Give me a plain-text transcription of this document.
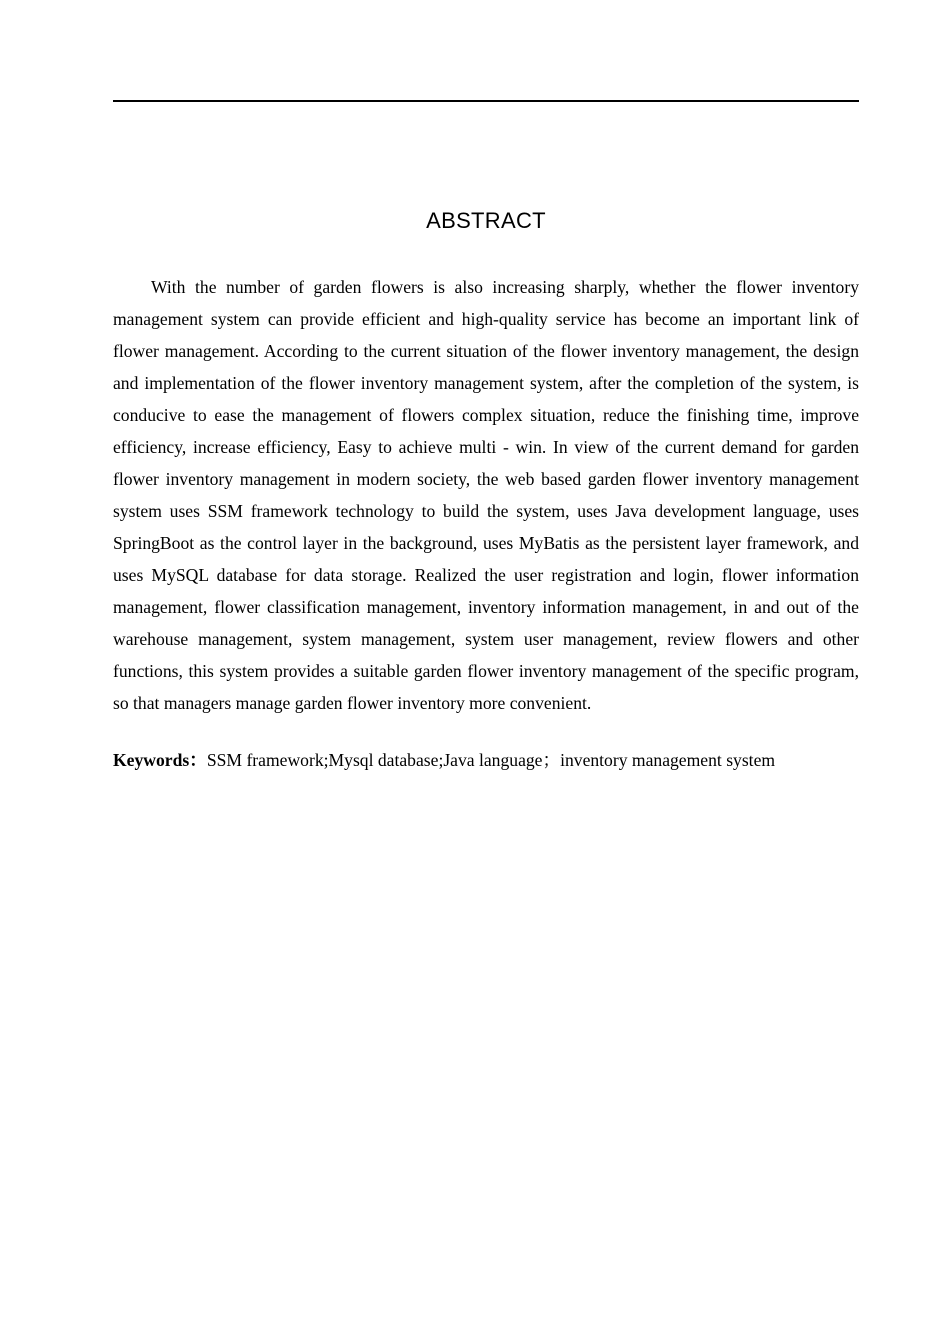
ABSTRACT

With the number of garden flowers is also increasing sharply, whether the flower inventory management system can provide efficient and high-quality service has become an important link of flower management. According to the current situation of the flower inventory management, the design and implementation of the flower inventory management system, after the completion of the system, is conducive to ease the management of flowers complex situation, reduce the finishing time, improve efficiency, increase efficiency, Easy to achieve multi - win. In view of the current demand for garden flower inventory management in modern society, the web based garden flower inventory management system uses SSM framework technology to build the system, uses Java development language, uses SpringBoot as the control layer in the background, uses MyBatis as the persistent layer framework, and uses MySQL database for data storage. Realized the user registration and login, flower information management, flower classification management, inventory information management, in and out of the warehouse management, system management, system user management, review flowers and other functions, this system provides a suitable garden flower inventory management of the specific program, so that managers manage garden flower inventory more convenient.

Keywords：SSM framework;Mysql database;Java language；inventory management system
